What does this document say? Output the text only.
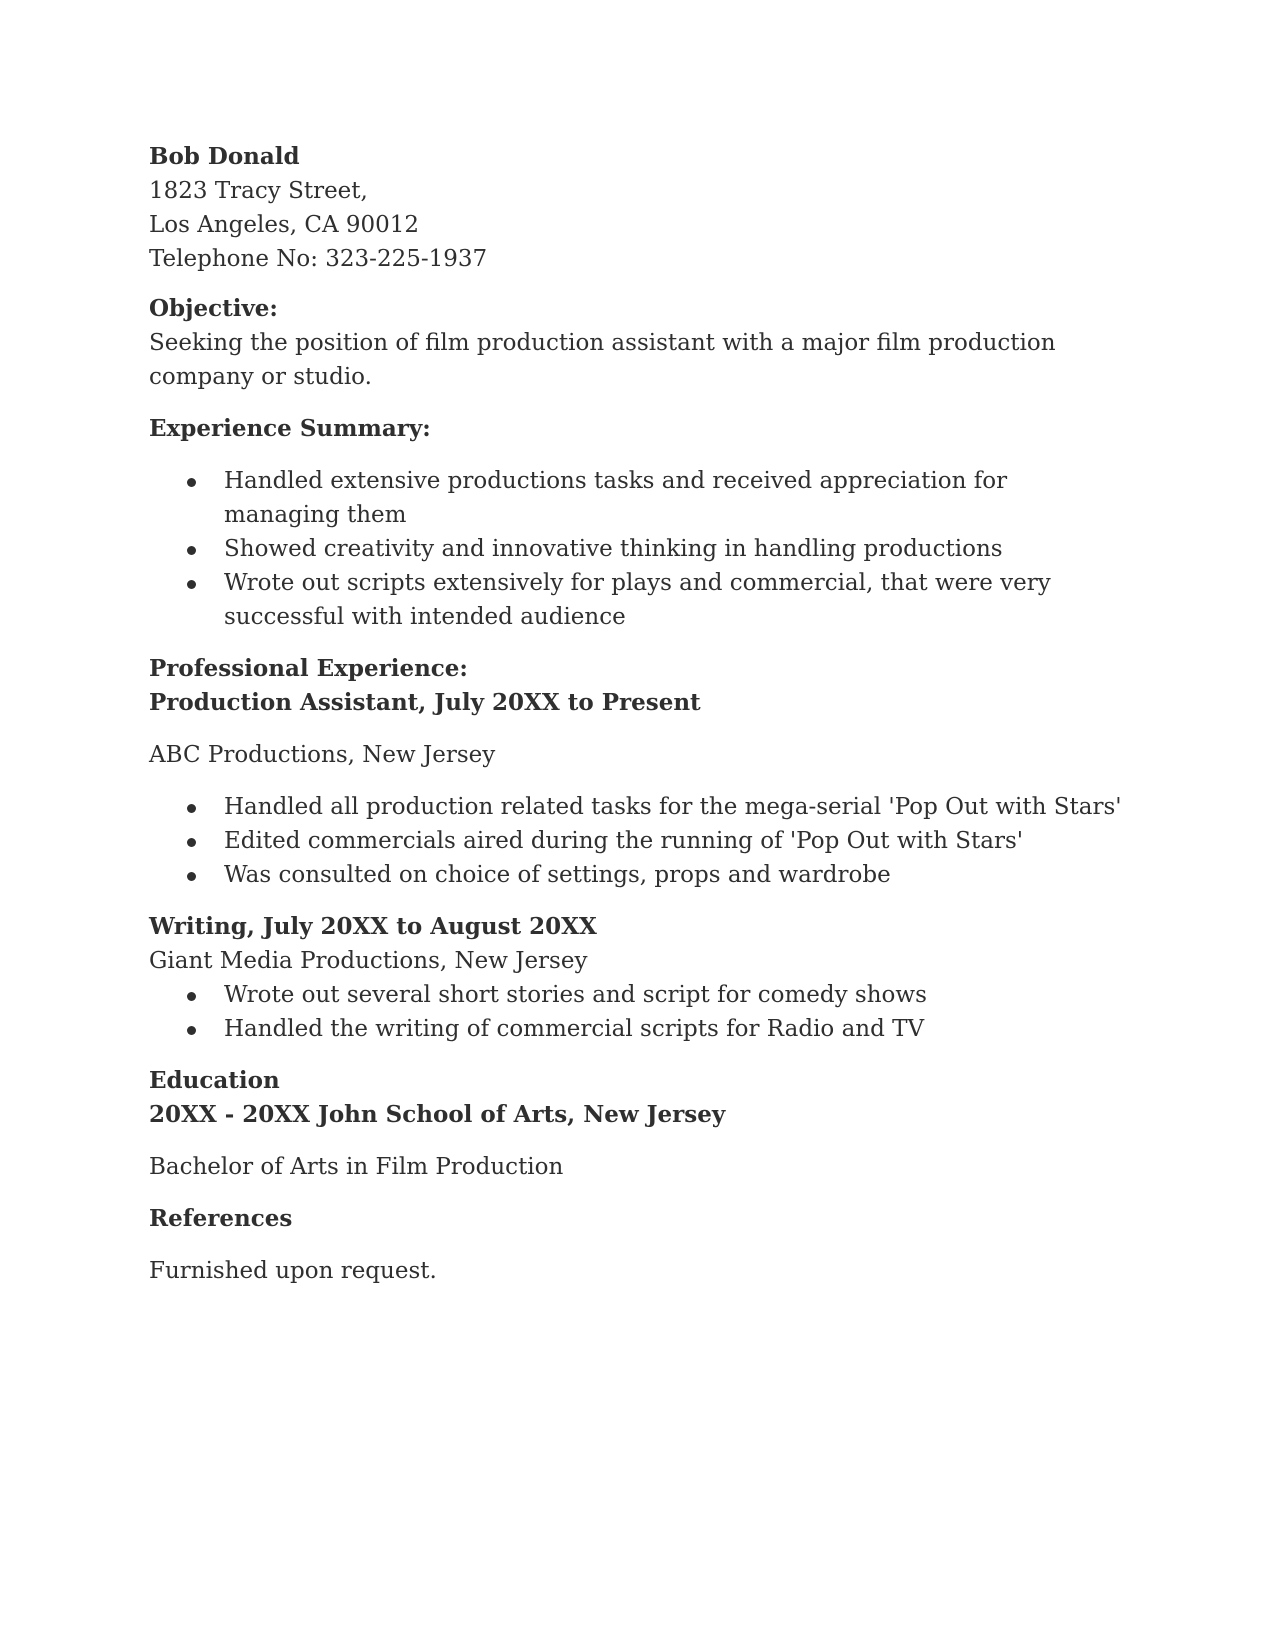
Bob Donald

1823 Tracy Street,

Los Angeles, CA 90012

Telephone No: 323-225-1937

Objective:

Seeking the position of film production assistant with a major film production company or studio.

Experience Summary:

Handled extensive productions tasks and received appreciation for managing them
Showed creativity and innovative thinking in handling productions
Wrote out scripts extensively for plays and commercial, that were very successful with intended audience

Professional Experience:

Production Assistant, July 20XX to Present

ABC Productions, New Jersey

Handled all production related tasks for the mega-serial 'Pop Out with Stars'
Edited commercials aired during the running of 'Pop Out with Stars'
Was consulted on choice of settings, props and wardrobe

Writing, July 20XX to August 20XX

Giant Media Productions, New Jersey

Wrote out several short stories and script for comedy shows
Handled the writing of commercial scripts for Radio and TV

Education

20XX - 20XX John School of Arts, New Jersey

Bachelor of Arts in Film Production

References

Furnished upon request.
